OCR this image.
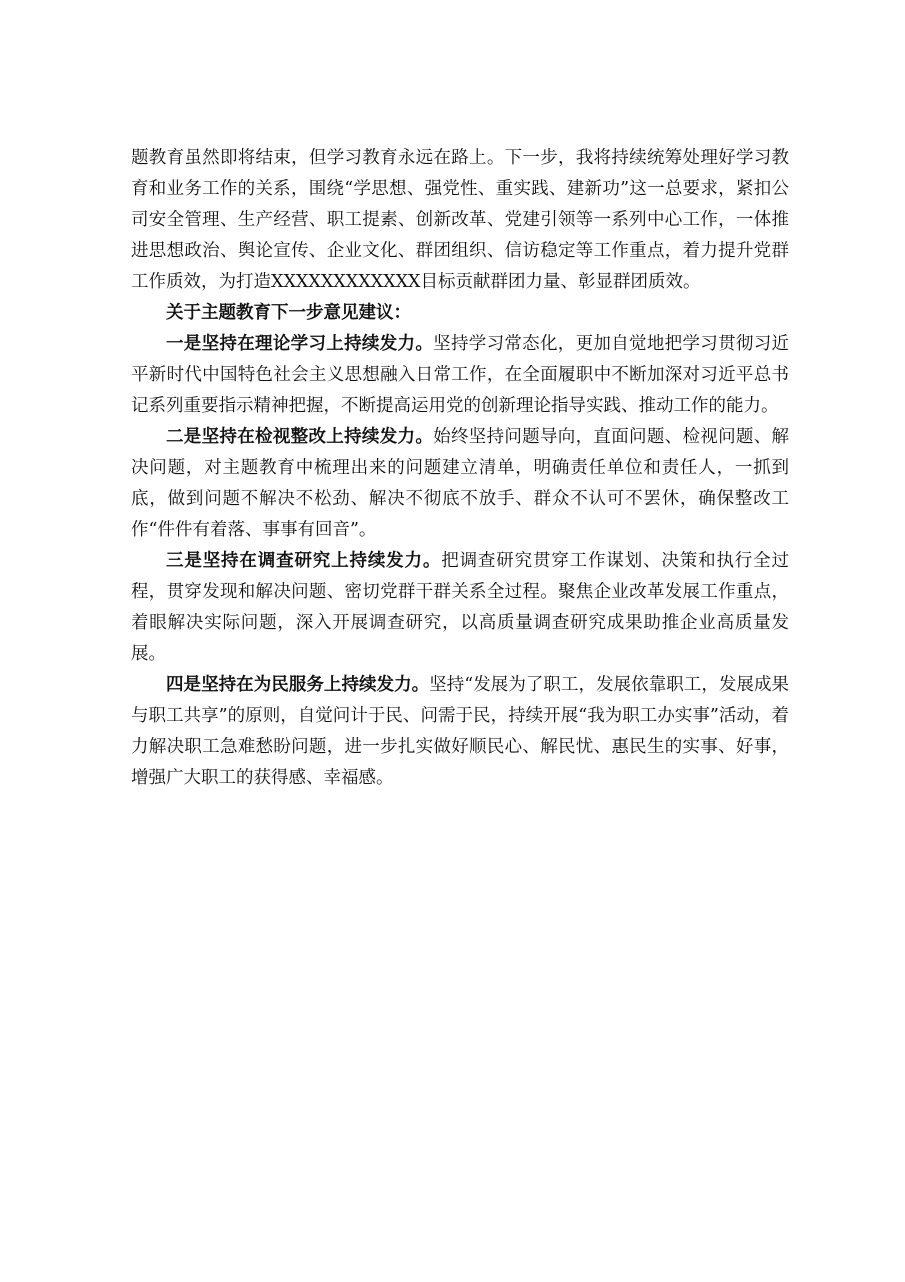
题教育虽然即将结束，但学习教育永远在路上。下一步，我将持续统筹处理好学习教育和业务工作的关系，围绕“学思想、强党性、重实践、建新功”这一总要求，紧扣公司安全管理、生产经营、职工提素、创新改革、党建引领等一系列中心工作，一体推进思想政治、舆论宣传、企业文化、群团组织、信访稳定等工作重点，着力提升党群工作质效，为打造XXXXXXXXXXXX目标贡献群团力量、彰显群团质效。

关于主题教育下一步意见建议：

一是坚持在理论学习上持续发力。坚持学习常态化，更加自觉地把学习贯彻习近平新时代中国特色社会主义思想融入日常工作，在全面履职中不断加深对习近平总书记系列重要指示精神把握，不断提高运用党的创新理论指导实践、推动工作的能力。

二是坚持在检视整改上持续发力。始终坚持问题导向，直面问题、检视问题、解决问题，对主题教育中梳理出来的问题建立清单，明确责任单位和责任人，一抓到底，做到问题不解决不松劲、解决不彻底不放手、群众不认可不罢休，确保整改工作“件件有着落、事事有回音”。

三是坚持在调查研究上持续发力。把调查研究贯穿工作谋划、决策和执行全过程，贯穿发现和解决问题、密切党群干群关系全过程。聚焦企业改革发展工作重点，着眼解决实际问题，深入开展调查研究，以高质量调查研究成果助推企业高质量发展。

四是坚持在为民服务上持续发力。坚持“发展为了职工，发展依靠职工，发展成果与职工共享”的原则，自觉问计于民、问需于民，持续开展“我为职工办实事”活动，着力解决职工急难愁盼问题，进一步扎实做好顺民心、解民忧、惠民生的实事、好事，增强广大职工的获得感、幸福感。
